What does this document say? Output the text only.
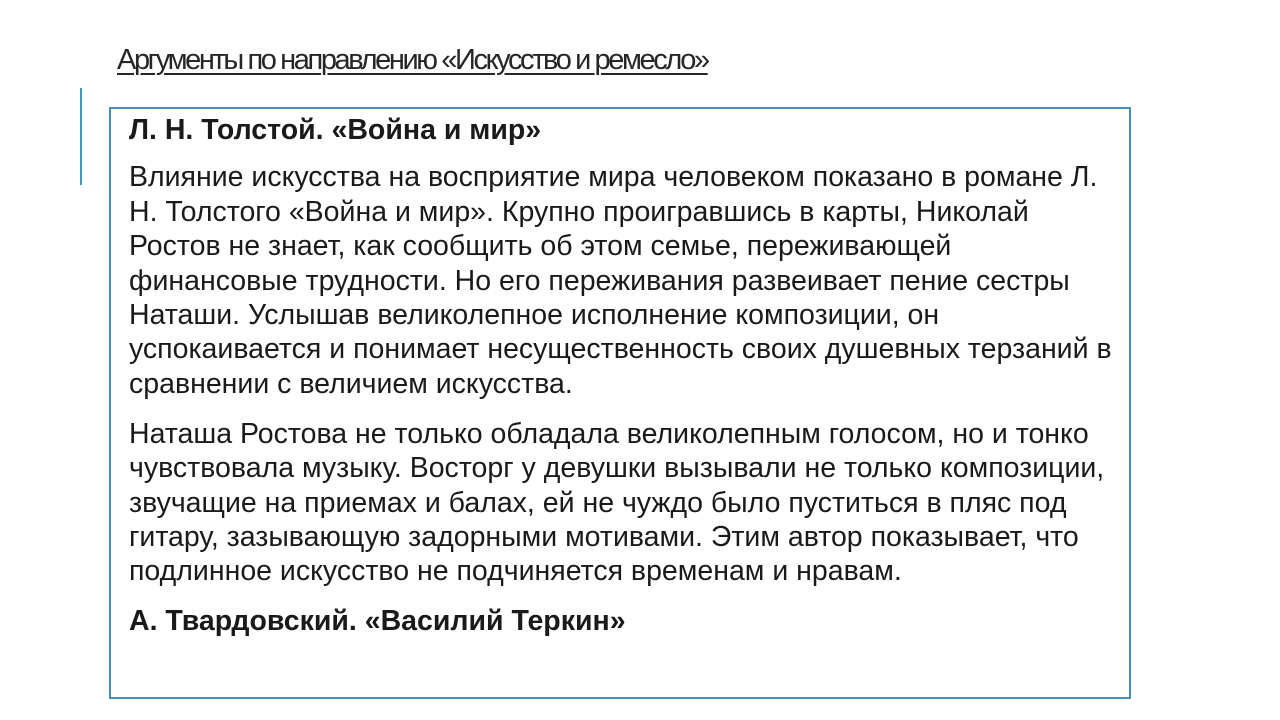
Аргументы по направлению «Искусство и ремесло»

Л. Н. Толстой. «Война и мир»

Влияние искусства на восприятие мира человеком показано в романе Л. Н. Толстого «Война и мир». Крупно проигравшись в карты, Николай Ростов не знает, как сообщить об этом семье, переживающей финансовые трудности. Но его переживания развеивает пение сестры Наташи. Услышав великолепное исполнение композиции, он успокаивается и понимает несущественность своих душевных терзаний в сравнении с величием искусства.

Наташа Ростова не только обладала великолепным голосом, но и тонко чувствовала музыку. Восторг у девушки вызывали не только композиции, звучащие на приемах и балах, ей не чуждо было пуститься в пляс под гитару, зазывающую задорными мотивами. Этим автор показывает, что подлинное искусство не подчиняется временам и нравам.

А. Твардовский. «Василий Теркин»
